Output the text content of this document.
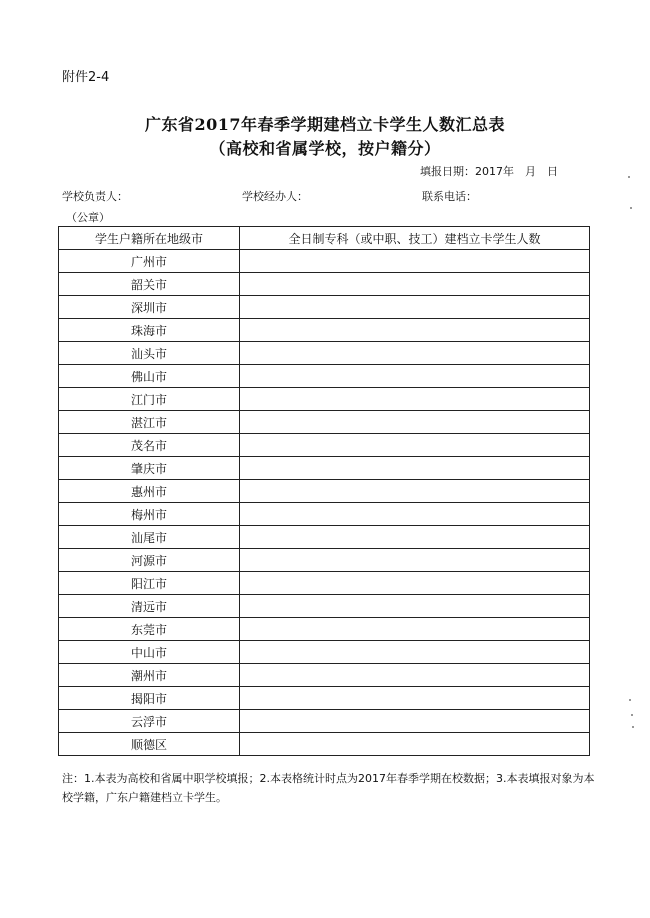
附件2-4
广东省2017年春季学期建档立卡学生人数汇总表
（高校和省属学校，按户籍分）
填报日期：2017年　月　日
学校负责人：	学校经办人：	联系电话：
（公章）
学生户籍所在地级市	全日制专科（或中职、技工）建档立卡学生人数
广州市	
韶关市	
深圳市	
珠海市	
汕头市	
佛山市	
江门市	
湛江市	
茂名市	
肇庆市	
惠州市	
梅州市	
汕尾市	
河源市	
阳江市	
清远市	
东莞市	
中山市	
潮州市	
揭阳市	
云浮市	
顺德区	
注：1.本表为高校和省属中职学校填报；2.本表格统计时点为2017年春季学期在校数据；3.本表填报对象为本校学籍，广东户籍建档立卡学生。
